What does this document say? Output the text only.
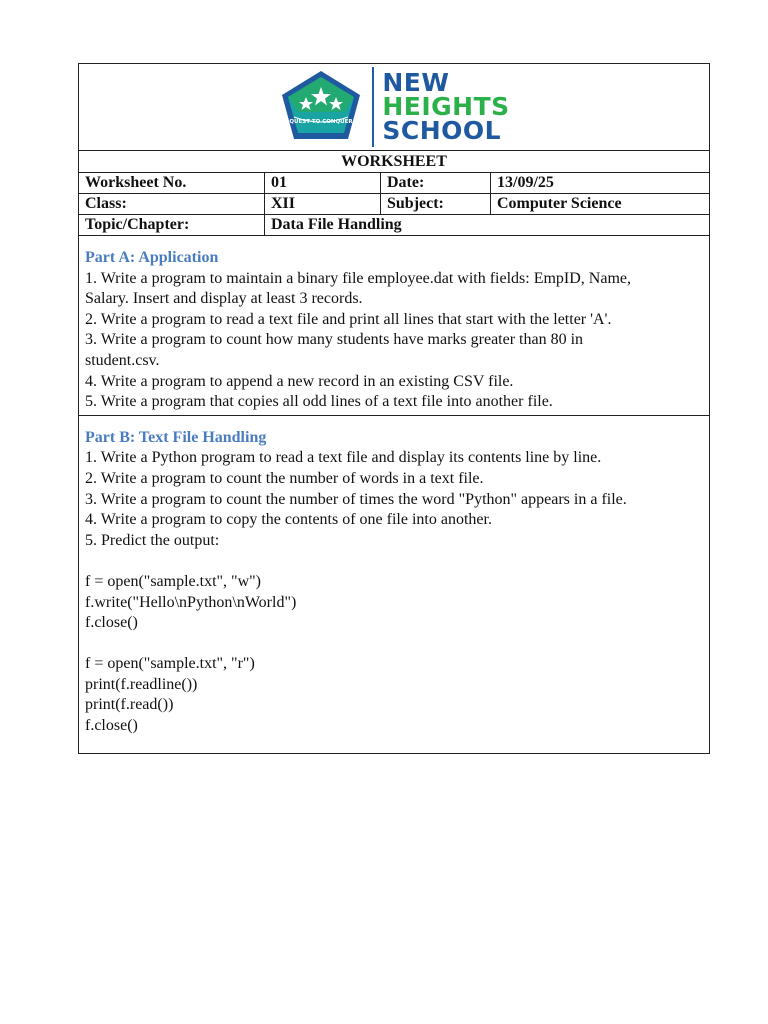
QUEST TO CONQUER
NEW
HEIGHTS
SCHOOL
WORKSHEET
Worksheet No.	01	Date:	13/09/25
Class:	XII	Subject:	Computer Science
Topic/Chapter:	Data File Handling		
Part A: Application

1. Write a program to maintain a binary file employee.dat with fields: EmpID, Name,

Salary. Insert and display at least 3 records.

2. Write a program to read a text file and print all lines that start with the letter 'A'.

3. Write a program to count how many students have marks greater than 80 in

student.csv.

4. Write a program to append a new record in an existing CSV file.

5. Write a program that copies all odd lines of a text file into another file.

Part B: Text File Handling

1. Write a Python program to read a text file and display its contents line by line.

2. Write a program to count the number of words in a text file.

3. Write a program to count the number of times the word "Python" appears in a file.

4. Write a program to copy the contents of one file into another.

5. Predict the output:

f = open("sample.txt", "w")

f.write("Hello\nPython\nWorld")

f.close()

f = open("sample.txt", "r")

print(f.readline())

print(f.read())

f.close()
